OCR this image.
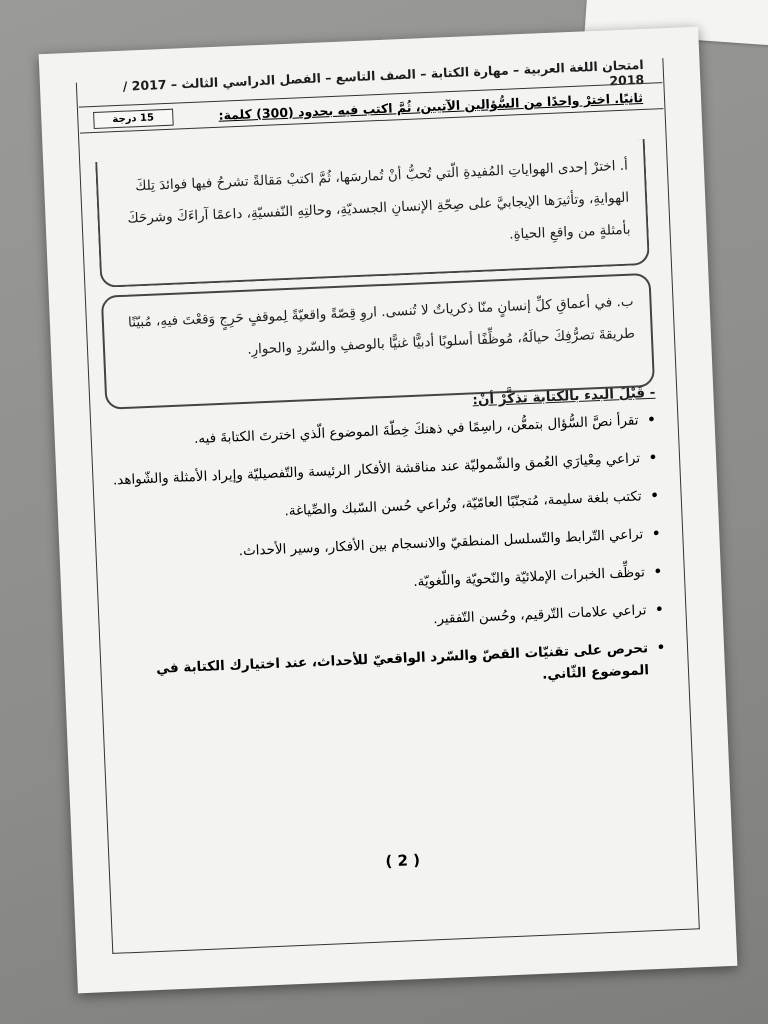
امتحان اللغة العربية – مهارة الكتابة – الصف التاسع – الفصل الدراسي الثالث – 2017 / 2018
15 درجة	ثانيًا. اخترْ واحدًا من السُّؤالين الآتيين، ثُمَّ اكتب فيه بحدود (300) كلمة:
أ. اخترْ إحدى الهواياتِ المُفيدةِ الّتي تُحبُّ أنْ تُمارسَها، ثُمَّ اكتبْ مَقالةً تشرحُ فيها فوائدَ تِلكَ الهوايةِ، وتأثيرَها الإيجابيَّ على صِحّةِ الإنسانِ الجسديّةِ، وحالتِهِ النّفسيّةِ، داعمًا آراءَكَ وشرحَكَ بأمثلةٍ من واقعِ الحياةِ.
ب. في أعماقِ كلِّ إنسانٍ منّا ذكرياتٌ لا تُنسى. اروِ قِصّةً واقعيّةً لِموقفٍ حَرِجٍ وَقعْتَ فيهِ، مُبيّنًا طريقةَ تصرُّفِكَ حيالَهُ، مُوظِّفًا أسلوبًا أدبيًّا غنيًّا بالوصفِ والسّردِ والحوارِ.
- قَبْلَ البدء بالكتابة تذكَّرْ أنْ:
•
تقرأ نصَّ السُّؤال بتمعُّن، راسِمًا في ذهنكَ خِطّةَ الموضوع الّذي اخترتَ الكتابةَ فيه.
•
تراعي مِعْيارَي العُمق والشّموليّة عند مناقشة الأفكار الرئيسة والتّفصيليّة وإيراد الأمثلة والشّواهد.
•
تكتب بلغة سليمة، مُتجنّبًا العامّيّة، وتُراعي حُسن السّبك والصِّياغة.
•
تراعي التّرابط والتّسلسل المنطقيّ والانسجام بين الأفكار، وسير الأحداث.
•
توظِّف الخبرات الإملائيّة والنّحويّة واللّغويّة.
•
تراعي علامات التّرقيم، وحُسن التّفقير.
•
تحرص على تقنيّات القصّ والسّرد الواقعيّ للأحداث، عند اختيارك الكتابة في الموضوع الثّاني.
( 2 )
